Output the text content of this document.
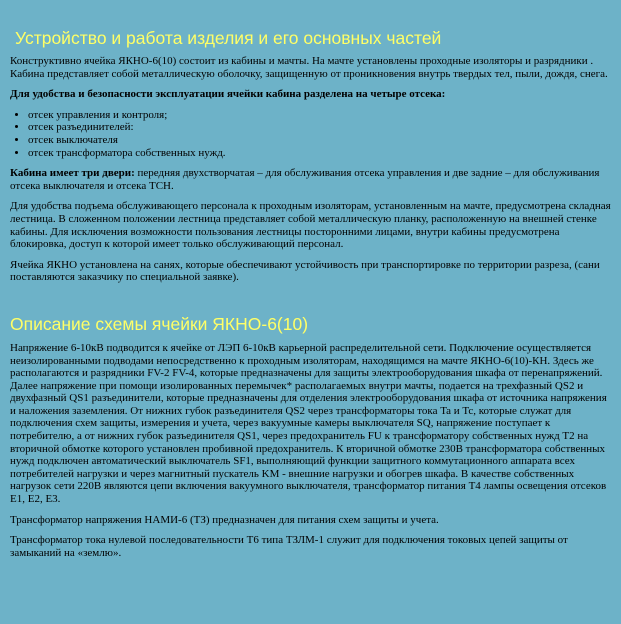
Устройство и работа изделия и его основных частей

Конструктивно ячейка ЯКНО-6(10) состоит из кабины и мачты. На мачте установлены проходные изоляторы и разрядники . Кабина представляет собой металлическую оболочку, защищенную от проникновения внутрь твердых тел, пыли, дождя, снега.

Для удобства и безопасности эксплуатации ячейки кабина разделена на четыре отсека:

• отсек управления и контроля;
• отсек разъединителей:
• отсек выключателя
• отсек трансформатора собственных нужд.

Кабина имеет три двери: передняя двухстворчатая – для обслуживания отсека управления и две задние – для обслуживания отсека выключателя и отсека ТСН.

Для удобства подъема обслуживающего персонала к проходным изоляторам, установленным на мачте, предусмотрена складная лестница. В сложенном положении лестница представляет собой металлическую планку, расположенную на внешней стенке кабины. Для исключения возможности пользования лестницы посторонними лицами, внутри кабины предусмотрена блокировка, доступ к которой имеет только обслуживающий персонал.

Ячейка ЯКНО установлена на санях, которые обеспечивают устойчивость при транспортировке по территории разреза, (сани поставляются заказчику по специальной заявке).

Описание схемы ячейки ЯКНО-6(10)

Напряжение 6-10кВ подводится к ячейке от ЛЭП 6-10кВ карьерной распределительной сети. Подключение осуществляется неизолированными подводами непосредственно к проходным изоляторам, находящимся на мачте ЯКНО-6(10)-КН. Здесь же располагаются и разрядники FV-2 FV-4, которые предназначены для защиты электрооборудования шкафа от перенапряжений. Далее напряжение при помощи изолированных перемычек* располагаемых внутри мачты, подается на трехфазный QS2 и двухфазный QS1 разъединители, которые предназначены для отделения электрооборудования шкафа от источника напряжения и наложения заземления. От нижних губок разъединителя QS2 через трансформаторы тока Ta и Tc, которые служат для подключения схем защиты, измерения и учета, через вакуумные камеры выключателя SQ, напряжение поступает к потребителю, а от нижних губок разъединителя QS1, через предохранитель FU к трансформатору собственных нужд Т2 на вторичной обмотке которого установлен пробивной предохранитель. К вторичной обмотке 230В трансформатора собственных нужд подключен автоматический выключатель SF1, выполняющий функции защитного коммутационного аппарата всех потребителей нагрузки и через магнитный пускатель KM - внешние нагрузки и обогрев шкафа. В качестве собственных нагрузок сети 220В являются цепи включения вакуумного выключателя, трансформатор питания Т4 лампы освещения отсеков Е1, Е2, Е3.

Трансформатор напряжения НАМИ-6 (ТЗ) предназначен для питания схем защиты и учета.

Трансформатор тока нулевой последовательности Т6 типа ТЗЛМ-1 служит для подключения токовых цепей защиты от замыканий на «землю».
